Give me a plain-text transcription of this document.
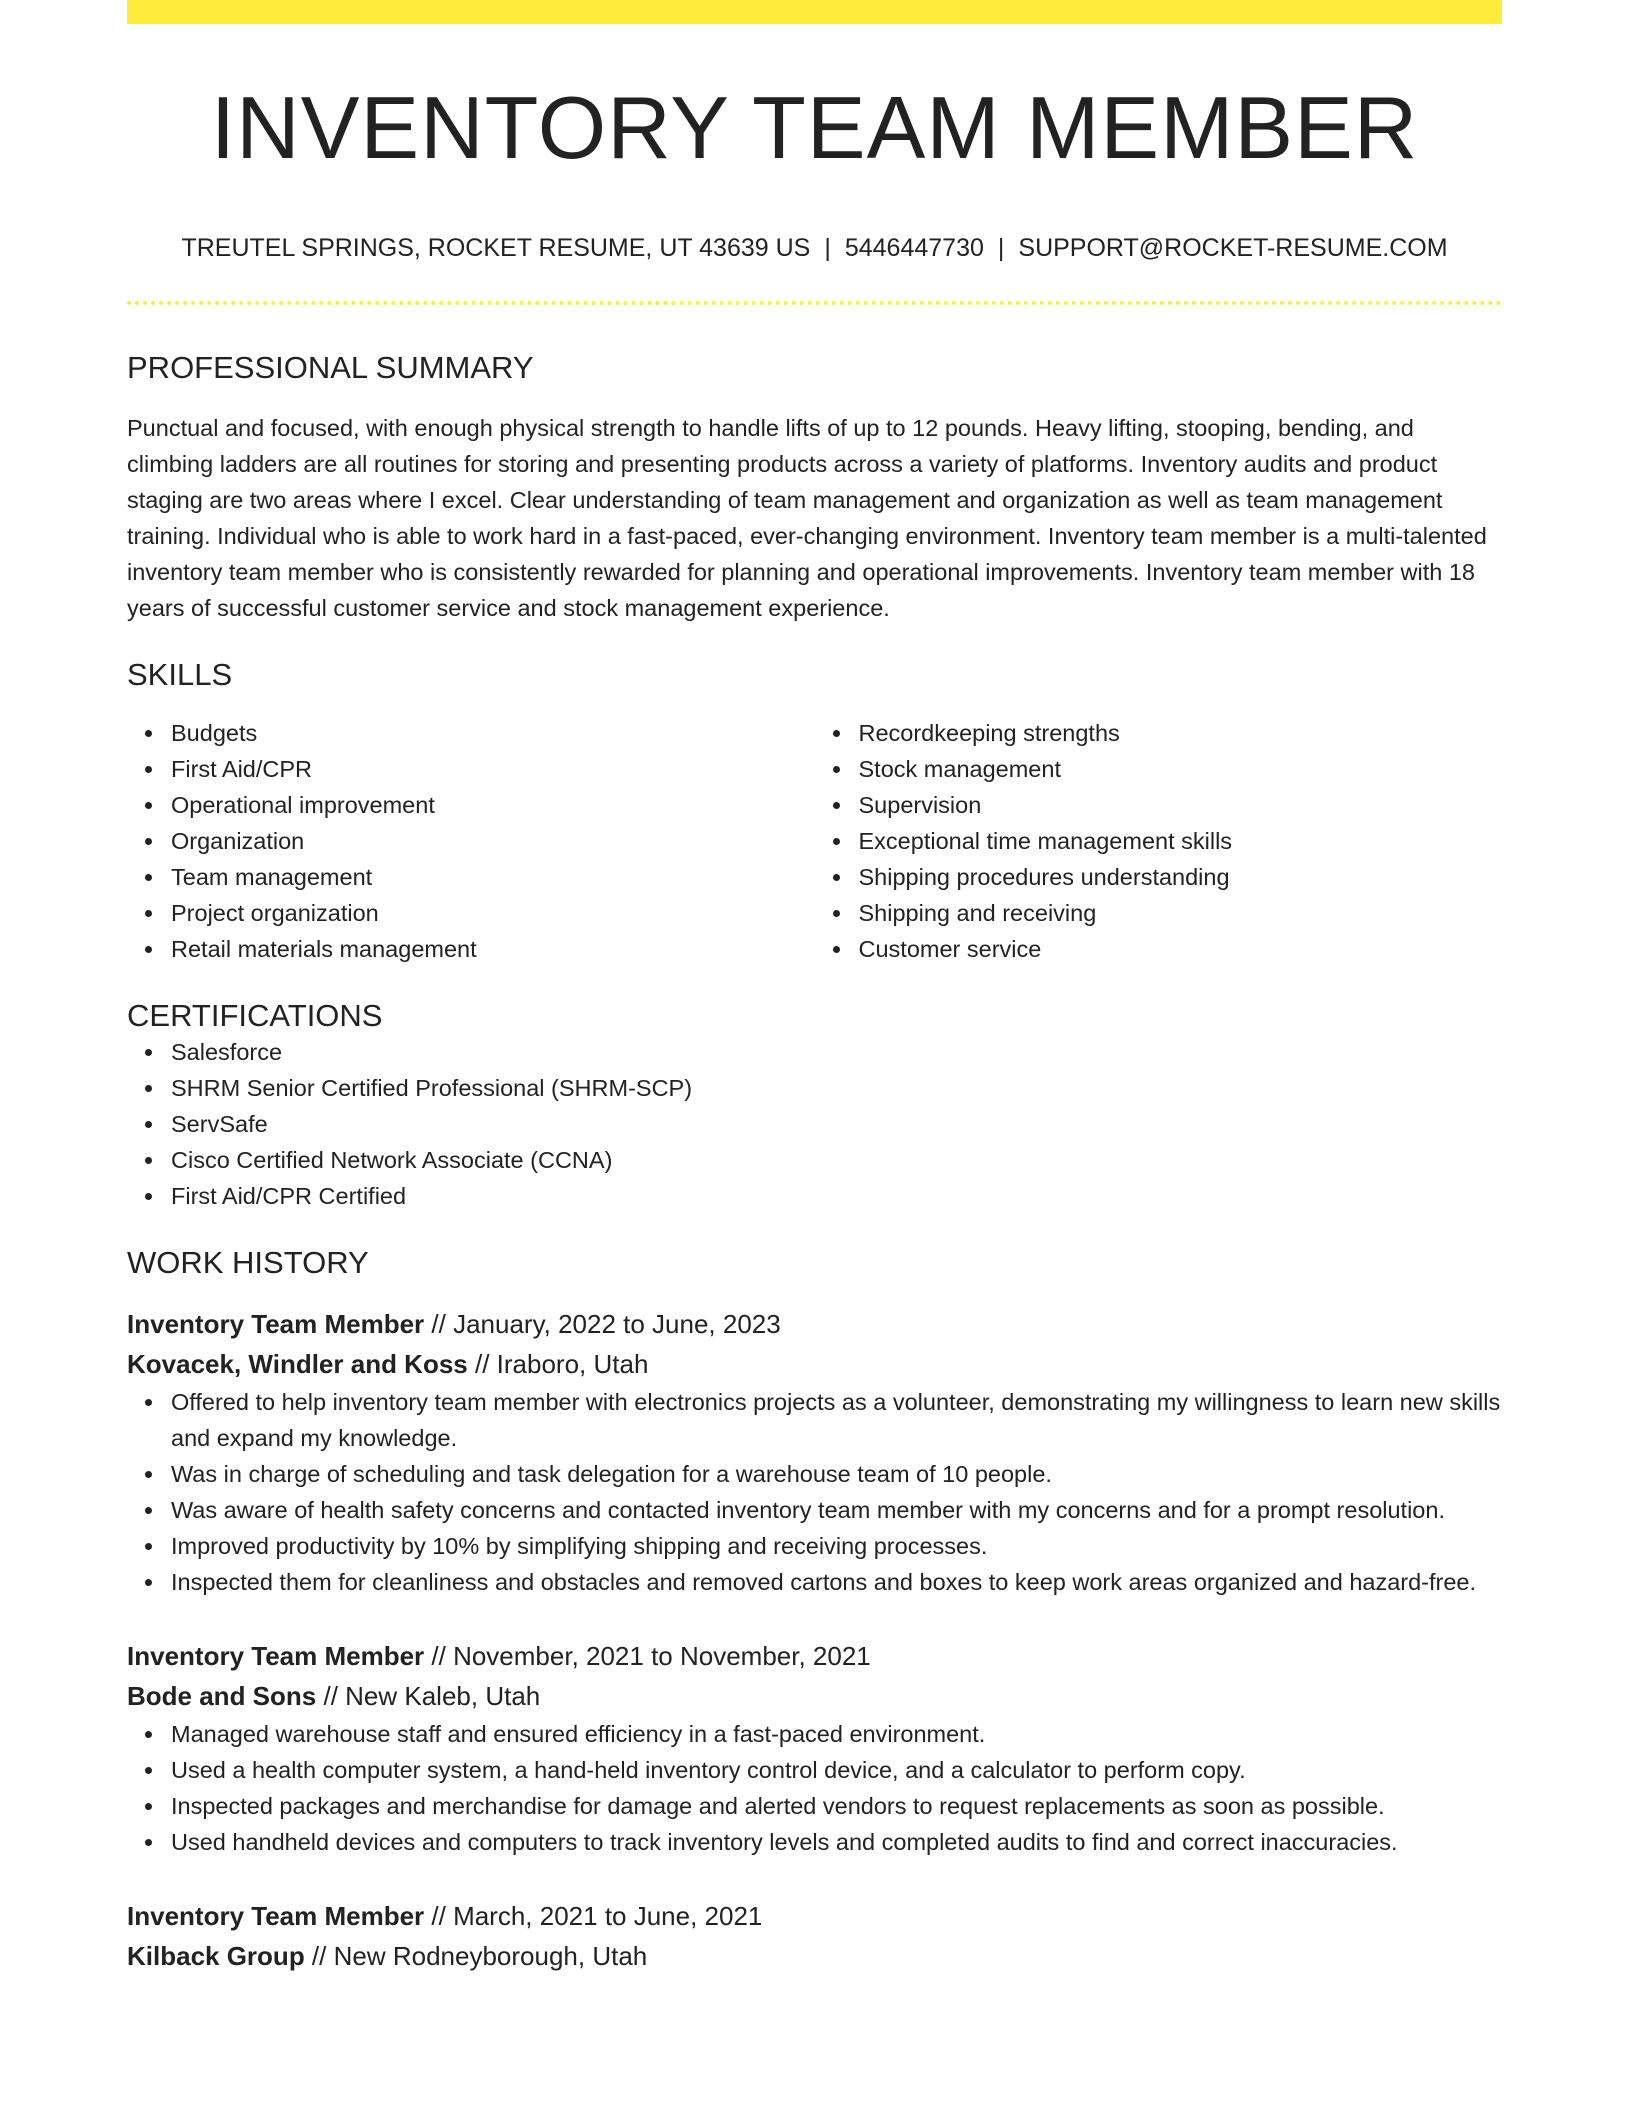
INVENTORY TEAM MEMBER
TREUTEL SPRINGS, ROCKET RESUME, UT 43639 US | 5446447730 | SUPPORT@ROCKET-RESUME.COM
PROFESSIONAL SUMMARY
Punctual and focused, with enough physical strength to handle lifts of up to 12 pounds. Heavy lifting, stooping, bending, and climbing ladders are all routines for storing and presenting products across a variety of platforms. Inventory audits and product staging are two areas where I excel. Clear understanding of team management and organization as well as team management training. Individual who is able to work hard in a fast-paced, ever-changing environment. Inventory team member is a multi-talented inventory team member who is consistently rewarded for planning and operational improvements. Inventory team member with 18 years of successful customer service and stock management experience.
SKILLS
Budgets
First Aid/CPR
Operational improvement
Organization
Team management
Project organization
Retail materials management
Recordkeeping strengths
Stock management
Supervision
Exceptional time management skills
Shipping procedures understanding
Shipping and receiving
Customer service
CERTIFICATIONS
Salesforce
SHRM Senior Certified Professional (SHRM-SCP)
ServSafe
Cisco Certified Network Associate (CCNA)
First Aid/CPR Certified
WORK HISTORY
Inventory Team Member // January, 2022 to June, 2023
Kovacek, Windler and Koss // Iraboro, Utah
Offered to help inventory team member with electronics projects as a volunteer, demonstrating my willingness to learn new skills and expand my knowledge.
Was in charge of scheduling and task delegation for a warehouse team of 10 people.
Was aware of health safety concerns and contacted inventory team member with my concerns and for a prompt resolution.
Improved productivity by 10% by simplifying shipping and receiving processes.
Inspected them for cleanliness and obstacles and removed cartons and boxes to keep work areas organized and hazard-free.
Inventory Team Member // November, 2021 to November, 2021
Bode and Sons // New Kaleb, Utah
Managed warehouse staff and ensured efficiency in a fast-paced environment.
Used a health computer system, a hand-held inventory control device, and a calculator to perform copy.
Inspected packages and merchandise for damage and alerted vendors to request replacements as soon as possible.
Used handheld devices and computers to track inventory levels and completed audits to find and correct inaccuracies.
Inventory Team Member // March, 2021 to June, 2021
Kilback Group // New Rodneyborough, Utah
